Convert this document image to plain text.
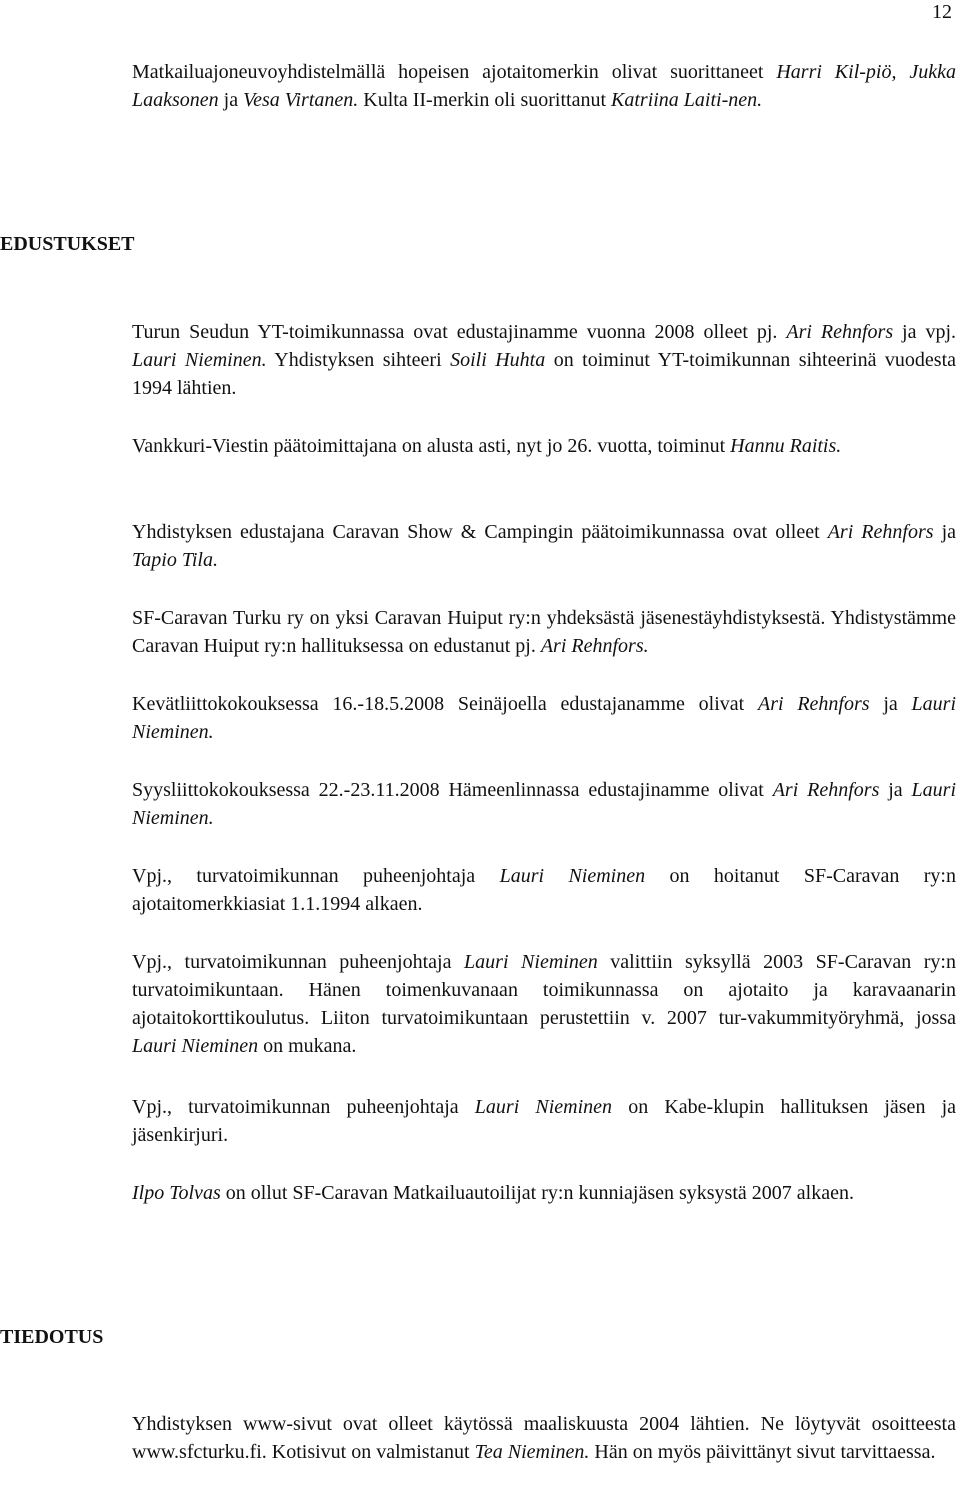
12

Matkailuajoneuvoyhdistelmällä hopeisen ajotaitomerkin olivat suorittaneet Harri Kil-piö, Jukka Laaksonen ja Vesa Virtanen. Kulta II-merkin oli suorittanut Katriina Laiti-nen.

EDUSTUKSET

Turun Seudun YT-toimikunnassa ovat edustajinamme vuonna 2008 olleet pj. Ari Rehnfors ja vpj. Lauri Nieminen. Yhdistyksen sihteeri Soili Huhta on toiminut YT-toimikunnan sihteerinä vuodesta 1994 lähtien.

Vankkuri-Viestin päätoimittajana on alusta asti, nyt jo 26. vuotta, toiminut Hannu Raitis.

Yhdistyksen edustajana Caravan Show & Campingin päätoimikunnassa ovat olleet Ari Rehnfors ja Tapio Tila.

SF-Caravan Turku ry on yksi Caravan Huiput ry:n yhdeksästä jäsenestäyhdistyksestä. Yhdistystämme Caravan Huiput ry:n hallituksessa on edustanut pj. Ari Rehnfors.

Kevätliittokokouksessa 16.-18.5.2008 Seinäjoella edustajanamme olivat Ari Rehnfors ja Lauri Nieminen.

Syysliittokokouksessa 22.-23.11.2008 Hämeenlinnassa edustajinamme olivat Ari Rehnfors ja Lauri Nieminen.

Vpj., turvatoimikunnan puheenjohtaja Lauri Nieminen on hoitanut SF-Caravan ry:n ajotaitomerkkiasiat 1.1.1994 alkaen.

Vpj., turvatoimikunnan puheenjohtaja Lauri Nieminen valittiin syksyllä 2003 SF-Caravan ry:n turvatoimikuntaan. Hänen toimenkuvanaan toimikunnassa on ajotaito ja karavaanarin ajotaitokorttikoulutus. Liiton turvatoimikuntaan perustettiin v. 2007 tur-vakummityöryhmä, jossa Lauri Nieminen on mukana.

Vpj., turvatoimikunnan puheenjohtaja Lauri Nieminen on Kabe-klupin hallituksen jäsen ja jäsenkirjuri.

Ilpo Tolvas on ollut SF-Caravan Matkailuautoilijat ry:n kunniajäsen syksystä 2007 alkaen.

TIEDOTUS

Yhdistyksen www-sivut ovat olleet käytössä maaliskuusta 2004 lähtien. Ne löytyvät osoitteesta www.sfcturku.fi. Kotisivut on valmistanut Tea Nieminen. Hän on myös päivittänyt sivut tarvittaessa.
